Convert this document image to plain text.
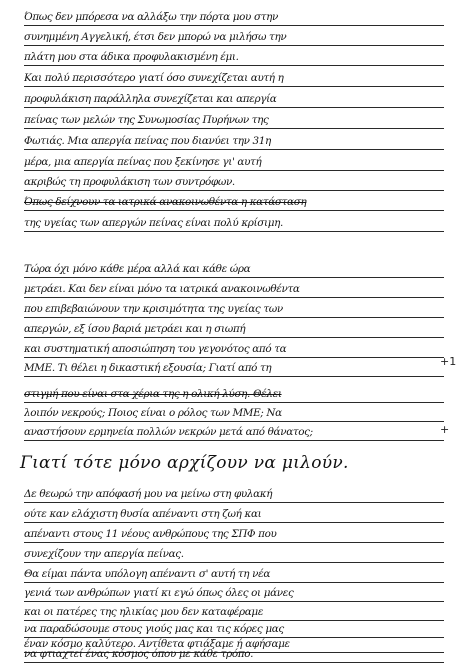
Όπως δεν μπόρεσα να αλλάξω την πόρτα μου στην
συνημμένη Αγγελική, έτσι δεν μπορώ να μιλήσω την
πλάτη μου στα άδικα προφυλακισμένη έμι.
Και πολύ περισσότερο γιατί όσο συνεχίζεται αυτή η
προφυλάκιση παράλληλα συνεχίζεται και απεργία
πείνας των μελών της Συνωμοσίας Πυρήνων της
Φωτιάς. Μια απεργία πείνας που διανύει την 31η
μέρα, μια απεργία πείνας που ξεκίνησε γι' αυτή
ακριβώς τη προφυλάκιση των συντρόφων.
Όπως δείχνουν τα ιατρικά ανακοινωθέντα η κατάσταση
της υγείας των απεργών πείνας είναι πολύ κρίσιμη.
Τώρα όχι μόνο κάθε μέρα αλλά και κάθε ώρα
μετράει. Και δεν είναι μόνο τα ιατρικά ανακοινωθέντα
που επιβεβαιώνουν την κρισιμότητα της υγείας των
απεργών, εξ ίσου βαριά μετράει και η σιωπή
και συστηματική αποσιώπηση του γεγονότος από τα
ΜΜΕ. Τι θέλει η δικαστική εξουσία; Γιατί από τη	+1
στιγμή που είναι στα χέρια της η ολική λύση. Θέλει
λοιπόν νεκρούς; Ποιος είναι ο ρόλος των ΜΜΕ; Να
αναστήσουν ερμηνεία πολλών νεκρών μετά από θάνατος;	+
Γιατί τότε μόνο αρχίζουν να μιλούν.
Δε θεωρώ την απόφασή μου να μείνω στη φυλακή
ούτε καν ελάχιστη θυσία απέναντι στη ζωή και
απέναντι στους 11 νέους ανθρώπους της ΣΠΦ που
συνεχίζουν την απεργία πείνας.
Θα είμαι πάντα υπόλογη απέναντι σ' αυτή τη νέα
γενιά των ανθρώπων γιατί κι εγώ όπως όλες οι μάνες
και οι πατέρες της ηλικίας μου δεν καταφέραμε
να παραδώσουμε στους γιούς μας και τις κόρες μας
έναν κόσμο καλύτερο. Αντίθετα φτιάξαμε ή αφήσαμε
να φτιαχτεί ένας κόσμος όπου με κάθε τρόπο.
